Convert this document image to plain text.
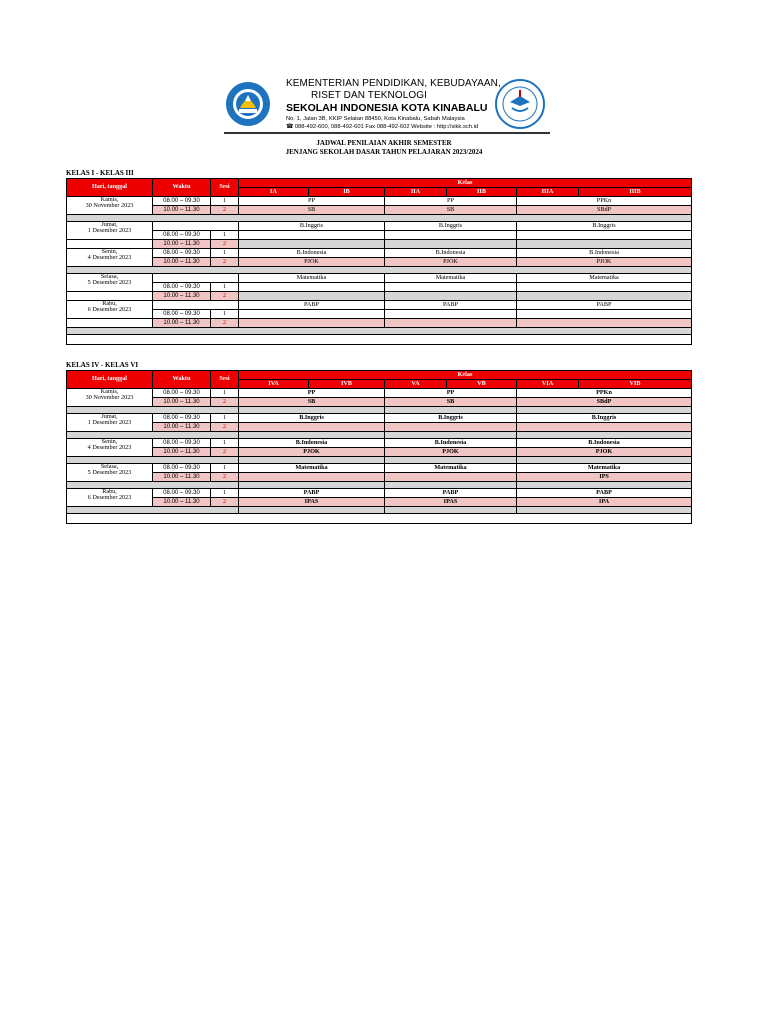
KEMENTERIAN PENDIDIKAN, KEBUDAYAAN,
RISET DAN TEKNOLOGI
SEKOLAH INDONESIA KOTA KINABALU
No. 1, Jalan 3B, KKIP Selatan 88450, Kota Kinabalu, Sabah Malaysia
☎ 088-492-600, 088-492-601 Fax 088-492-602 Website : http://sikk.sch.id
JADWAL PENILAIAN AKHIR SEMESTER
JENJANG SEKOLAH DASAR TAHUN PELAJARAN 2023/2024
KELAS I - KELAS III
Hari, tanggal	Waktu	Sesi	Kelas					
			IA	IB	IIA	IIB	IIIA	IIIB
Kamis,
30 November 2023	08.00 – 09.30	1	PP		PP		PPKn	
	10.00 – 11.30	2	SB		SB		SBdP	

Jumat,
1 Desember 2023			B.Inggris		B.Inggris		B.Inggris	
	08.00 – 09.30	1						
	10.00 – 11.30	2						
Senin,
4 Desember 2023	08.00 – 09.30	1	B.Indonesia		B.Indonesia		B.Indonesia	
	10.00 – 11.30	2	PJOK		PJOK		PJOK	

Selasa,
5 Desember 2023			Matematika		Matematika		Matematika	
	08.00 – 09.30	1						
	10.00 – 11.30	2						
Rabu,
6 Desember 2023			PABP		PABP		PABP	
	08.00 – 09.30	1						
	10.00 – 11.30	2						

KELAS IV - KELAS VI
Hari, tanggal	Waktu	Sesi	Kelas					
			IVA	IVB	VA	VB	VIA	VIB
Kamis,
30 November 2023	08.00 – 09.30	1	PP		PP		PPKn	
	10.00 – 11.30	2	SB		SB		SBdP	

Jumat,
1 Desember 2023	08.00 – 09.30	1	B.Inggris		B.Inggris		B.Inggris	
	10.00 – 11.30	2						

Senin,
4 Desember 2023	08.00 – 09.30	1	B.Indonesia		B.Indonesia		B.Indonesia	
	10.00 – 11.30	2	PJOK		PJOK		PJOK	

Selasa,
5 Desember 2023	08.00 – 09.30	1	Matematika		Matematika		Matematika	
	10.00 – 11.30	2					IPS	

Rabu,
6 Desember 2023	08.00 – 09.30	1	PABP		PABP		PABP	
	10.00 – 11.30	2	IPAS		IPAS		IPA	
